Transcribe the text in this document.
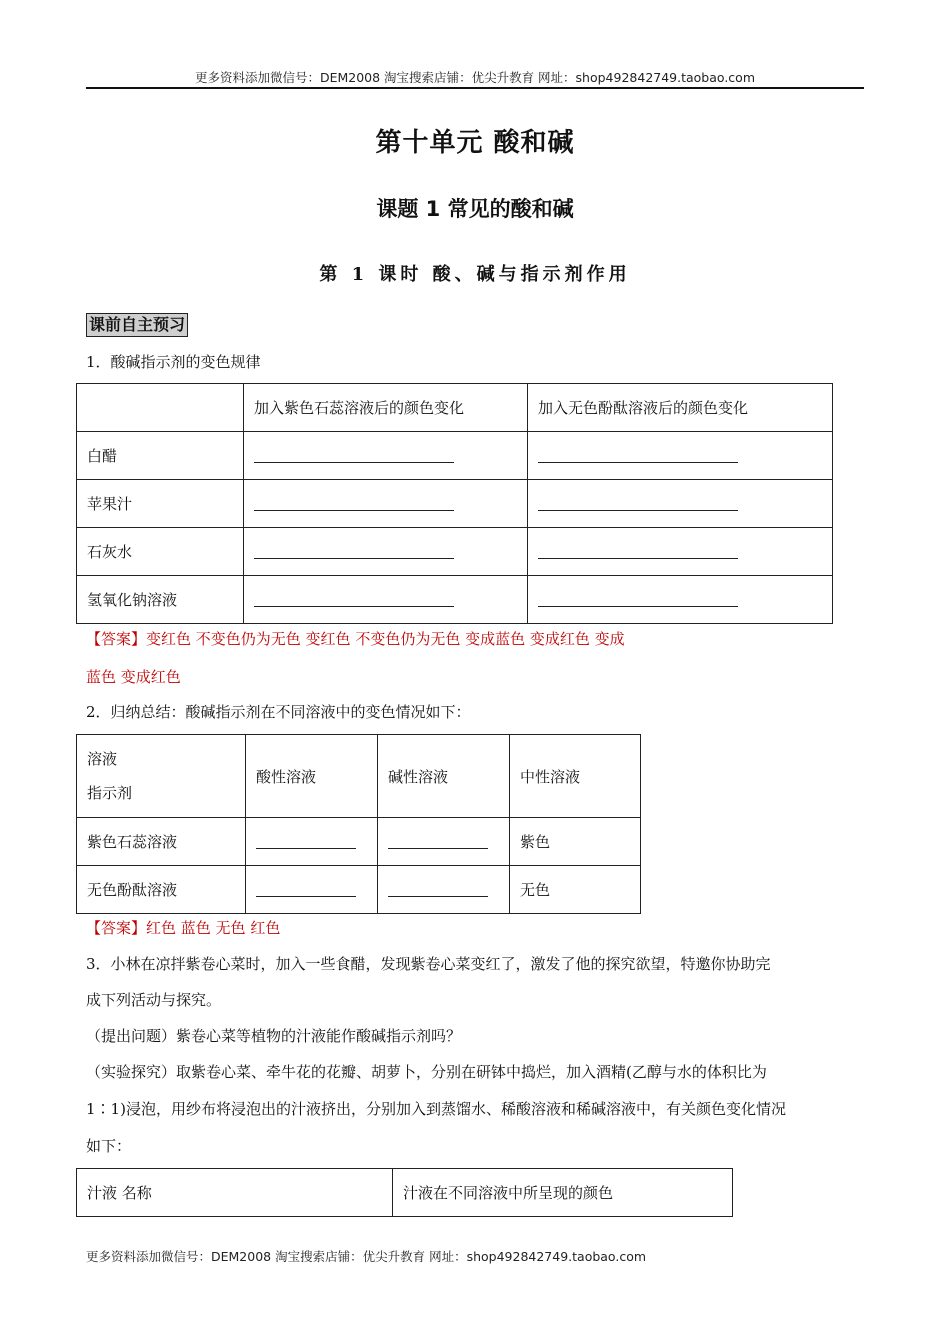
更多资料添加微信号：DEM2008 淘宝搜索店铺：优尖升教育 网址：shop492842749.taobao.com
第十单元 酸和碱
课题 1 常见的酸和碱
第 1 课时 酸、碱与指示剂作用
课前自主预习
1．酸碱指示剂的变色规律
	加入紫色石蕊溶液后的颜色变化	加入无色酚酞溶液后的颜色变化
白醋		
苹果汁		
石灰水		
氢氧化钠溶液		
【答案】变红色 不变色仍为无色 变红色 不变色仍为无色 变成蓝色 变成红色 变成
蓝色 变成红色
2．归纳总结：酸碱指示剂在不同溶液中的变色情况如下：
溶液
指示剂	酸性溶液	碱性溶液	中性溶液
紫色石蕊溶液			紫色
无色酚酞溶液			无色
【答案】红色 蓝色 无色 红色
3．小林在凉拌紫卷心菜时，加入一些食醋，发现紫卷心菜变红了，激发了他的探究欲望，特邀你协助完
成下列活动与探究。
（提出问题）紫卷心菜等植物的汁液能作酸碱指示剂吗？
（实验探究）取紫卷心菜、牵牛花的花瓣、胡萝卜，分别在研钵中捣烂，加入酒精(乙醇与水的体积比为
1∶1)浸泡，用纱布将浸泡出的汁液挤出，分别加入到蒸馏水、稀酸溶液和稀碱溶液中，有关颜色变化情况
如下：
汁液 名称	汁液在不同溶液中所呈现的颜色
更多资料添加微信号：DEM2008 淘宝搜索店铺：优尖升教育 网址：shop492842749.taobao.com
